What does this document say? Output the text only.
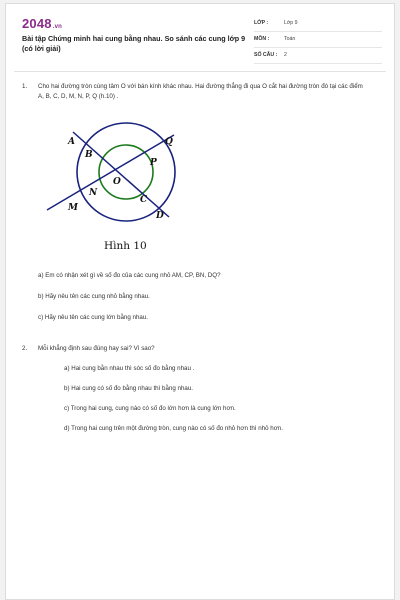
2048.vn
Bài tập Chứng minh hai cung bằng nhau. So sánh các cung lớp 9 (có lời giải)
LỚP :	Lớp 9
MÔN :	Toán
SỐ CÂU : 2
1. Cho hai đường tròn cùng tâm O với bán kính khác nhau. Hai đường thẳng đi qua O cắt hai đường tròn đó tại các điểm A, B, C, D, M, N, P, Q (h.10) .
A
B
O
P
Q
N
C
M
D
Hình 10
a) Em có nhận xét gì về số đo của các cung nhỏ AM, CP, BN, DQ?
b) Hãy nêu tên các cung nhỏ bằng nhau.
c) Hãy nêu tên các cung lớn bằng nhau.
2. Mỗi khẳng định sau đúng hay sai? Vì sao?
a) Hai cung bằn nhau thì sóc số đo bằng nhau .
b) Hai cung có số đo bằng nhau thì bằng nhau.
c) Trong hai cung, cung nào có số đo lớn hơn là cung lớn hơn.
d) Trong hai cung trên một đường tròn, cung nào có số đo nhỏ hơn thì nhỏ hơn.
